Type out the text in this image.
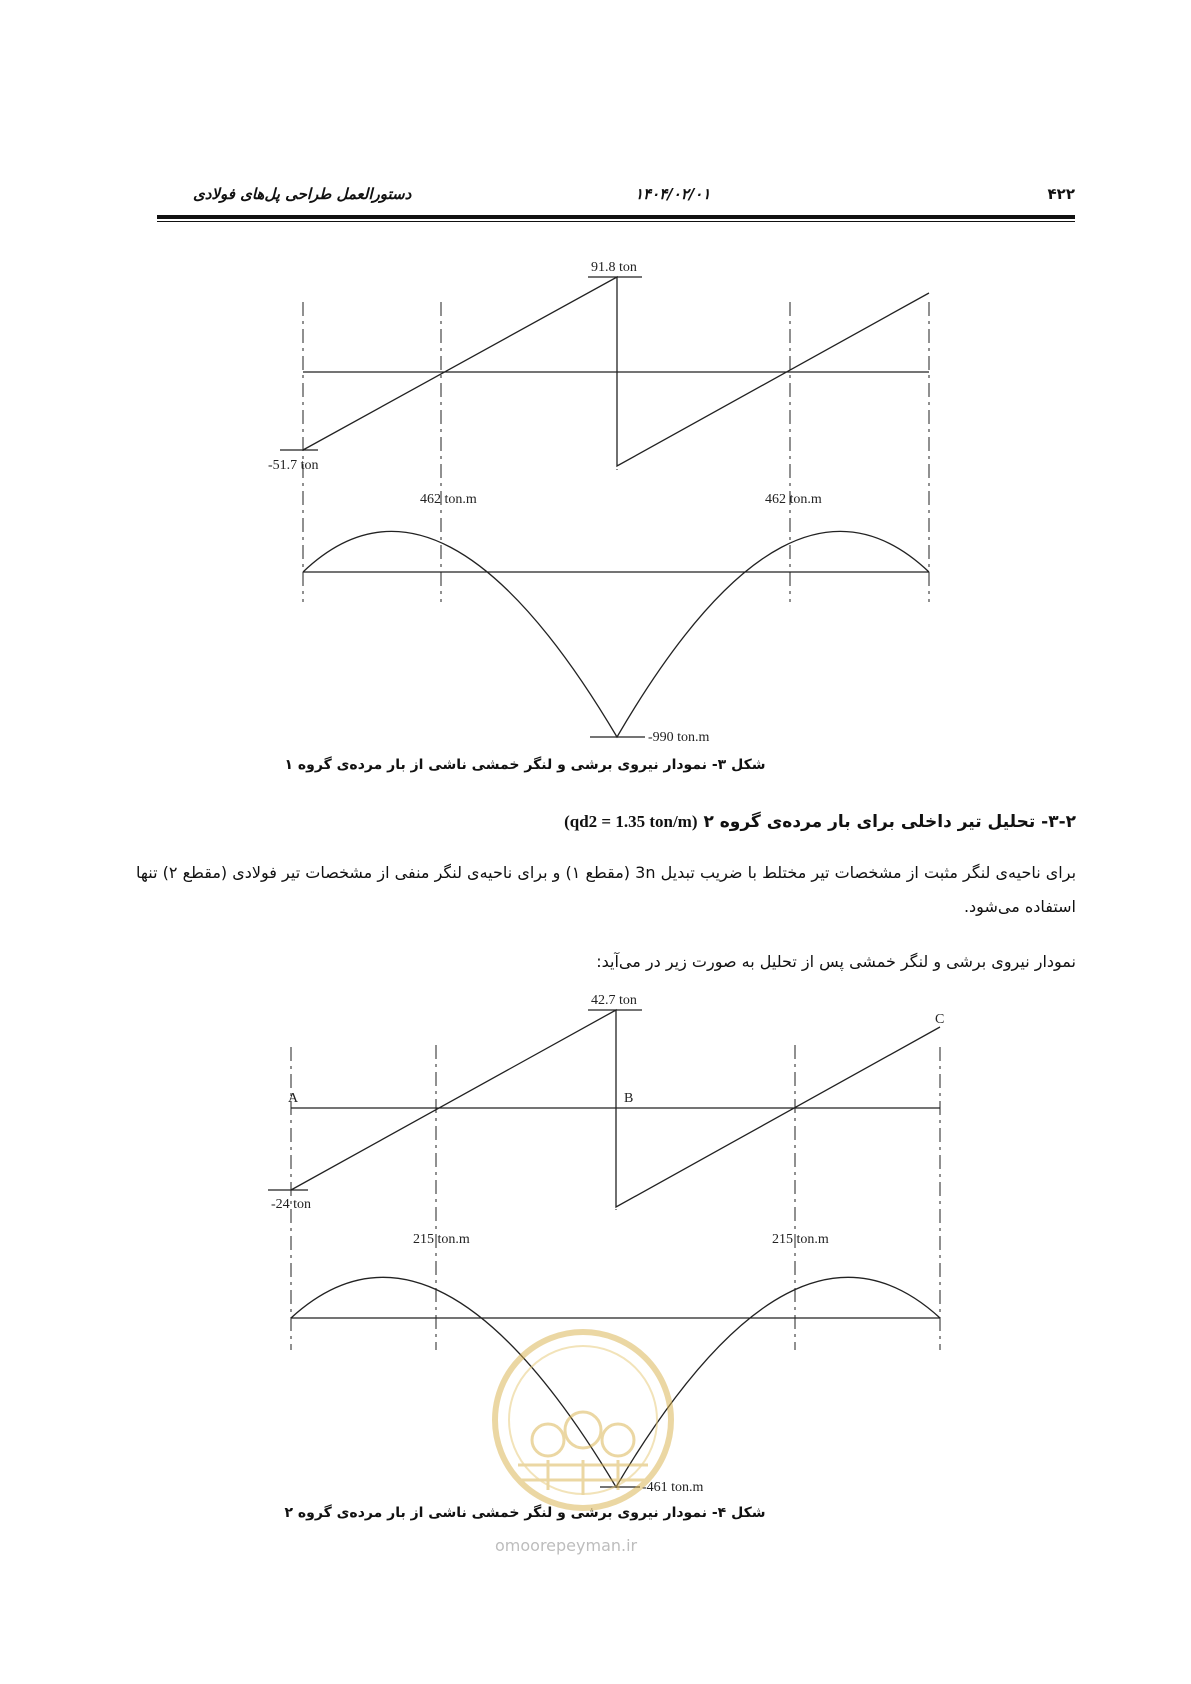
دستورالعمل طراحی پل‌های فولادی	۱۴۰۴/۰۲/۰۱	۴۲۲
91.8 ton
-51.7 ton
462 ton.m	462 ton.m
-990 ton.m
42.7 ton
-24 ton
215 ton.m	215 ton.m
-461 ton.m
A	B
C
شکل ۳- نمودار نیروی برشی و لنگر خمشی ناشی از بار مرده‌ی گروه ۱
۳-۲- تحلیل تیر داخلی برای بار مرده‌ی گروه ۲ (qd2 = 1.35 ton/m)
برای ناحیه‌ی لنگر مثبت از مشخصات تیر مختلط با ضریب تبدیل 3n (مقطع ۱) و برای ناحیه‌ی لنگر منفی از مشخصات تیر فولادی (مقطع ۲) تنها استفاده می‌شود.
نمودار نیروی برشی و لنگر خمشی پس از تحلیل به صورت زیر در می‌آید:
شکل ۴- نمودار نیروی برشی و لنگر خمشی ناشی از بار مرده‌ی گروه ۲
omoorepeyman.ir
